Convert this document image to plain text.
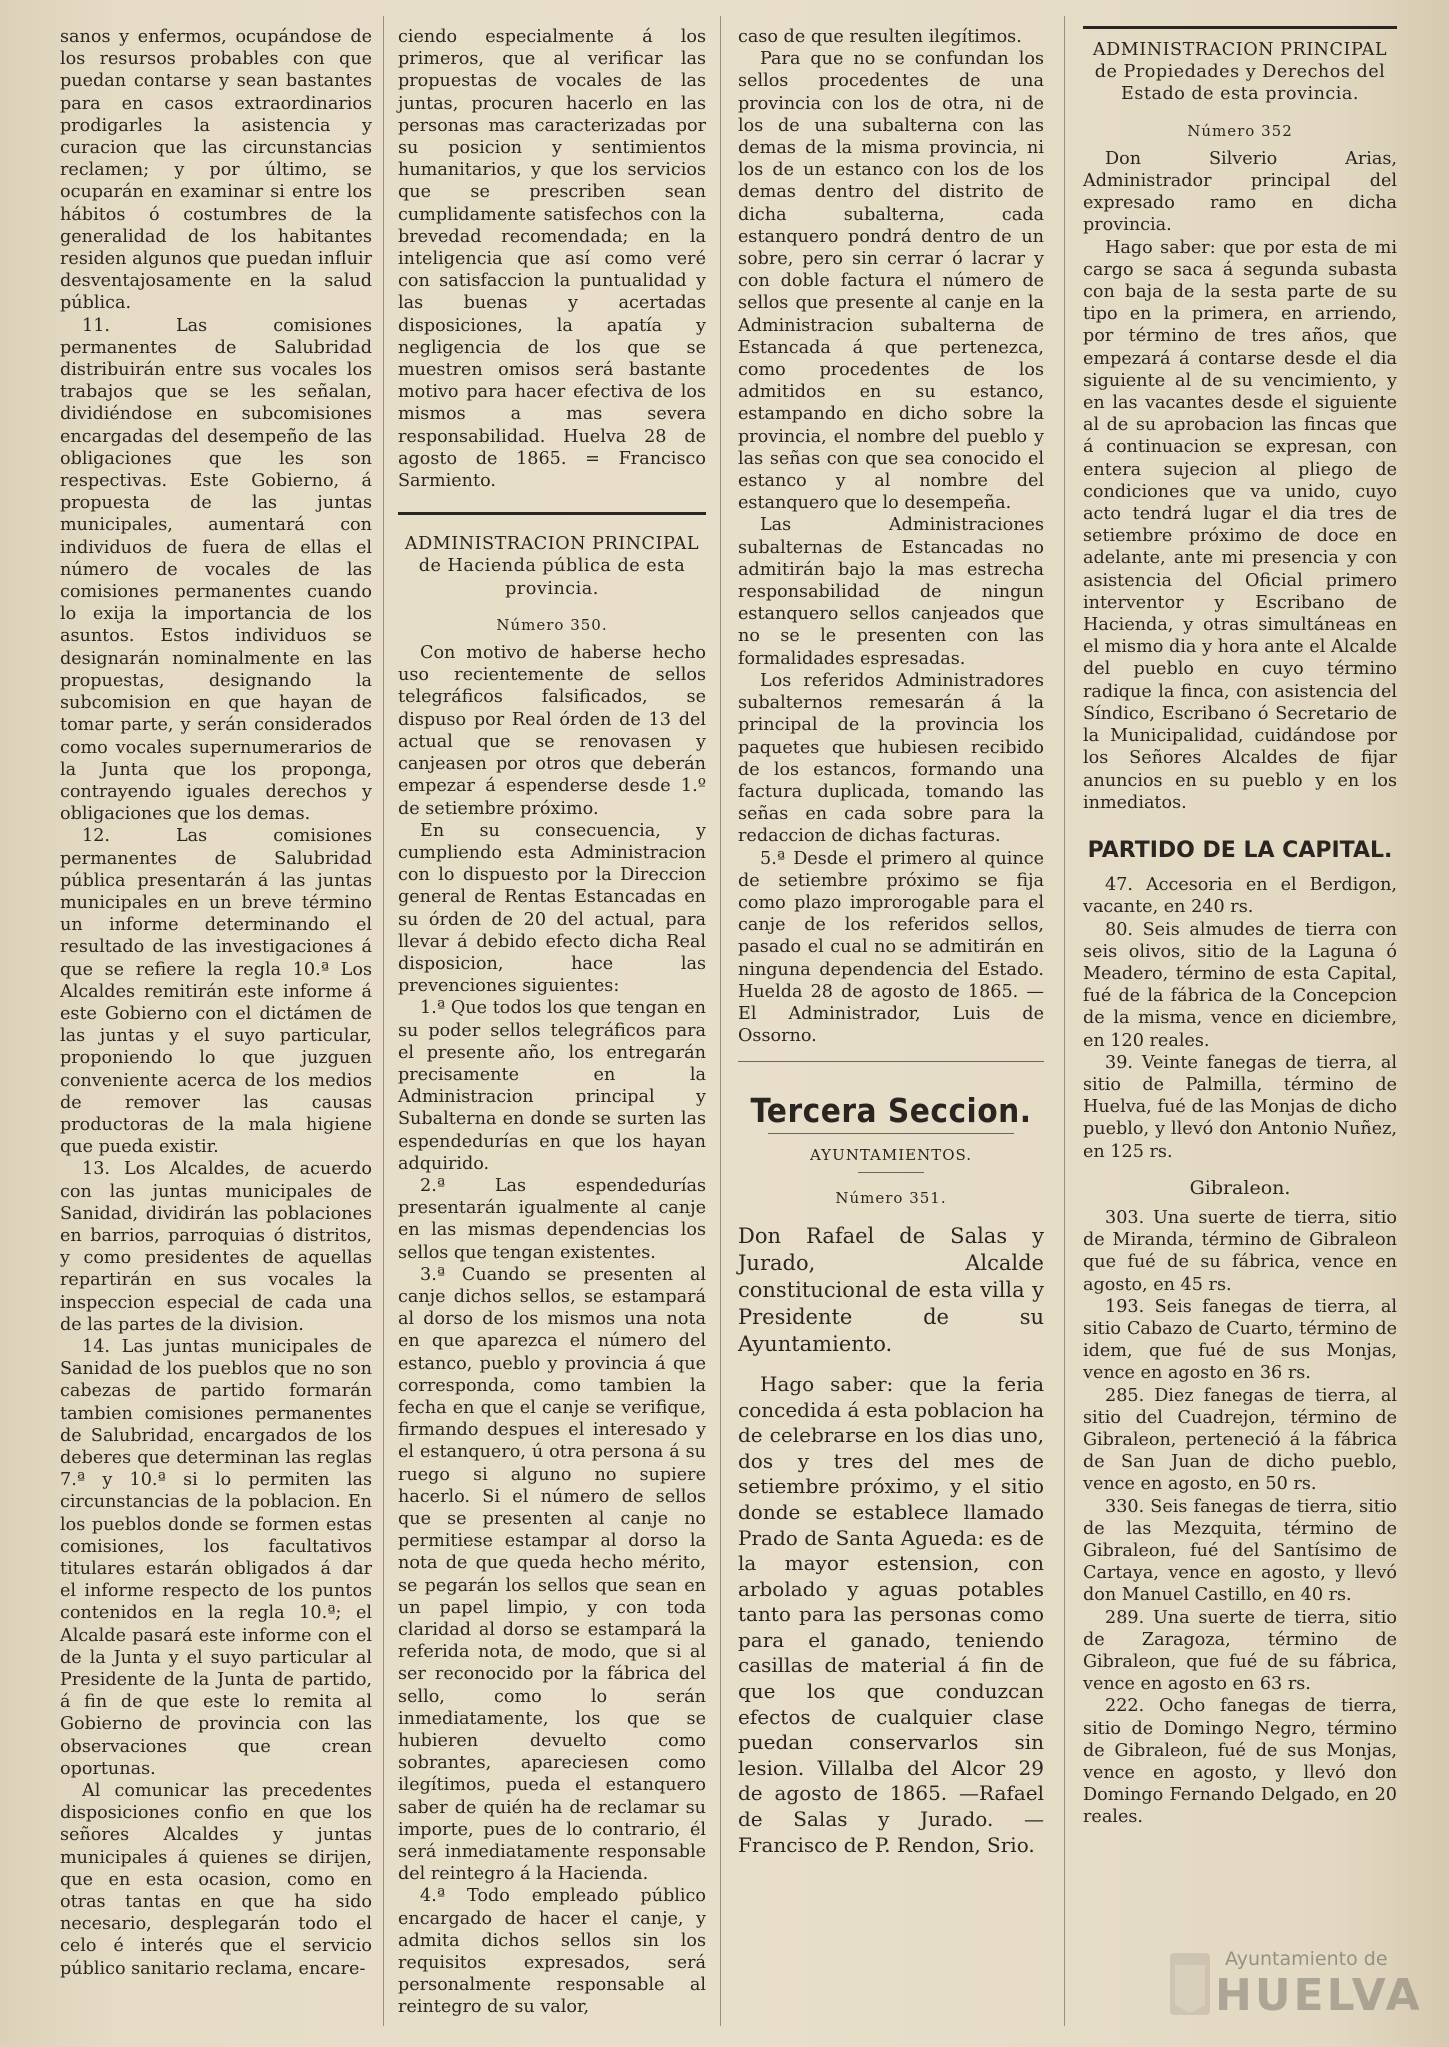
sanos y enfermos, ocupándose de los resursos probables con que puedan contarse y sean bastantes para en casos extraordinarios prodigarles la asistencia y curacion que las circunstancias reclamen; y por último, se ocuparán en examinar si entre los hábitos ó costumbres de la generalidad de los habitantes residen algunos que puedan influir desventajosamente en la salud pública.

11. Las comisiones permanentes de Salubridad distribuirán entre sus vocales los trabajos que se les señalan, dividiéndose en subcomisiones encargadas del desempeño de las obligaciones que les son respectivas. Este Gobierno, á propuesta de las juntas municipales, aumentará con individuos de fuera de ellas el número de vocales de las comisiones permanentes cuando lo exija la importancia de los asuntos. Estos individuos se designarán nominalmente en las propuestas, designando la subcomision en que hayan de tomar parte, y serán considerados como vocales supernumerarios de la Junta que los proponga, contrayendo iguales derechos y obligaciones que los demas.

12. Las comisiones permanentes de Salubridad pública presentarán á las juntas municipales en un breve término un informe determinando el resultado de las investigaciones á que se refiere la regla 10.ª Los Alcaldes remitirán este informe á este Gobierno con el dictámen de las juntas y el suyo particular, proponiendo lo que juzguen conveniente acerca de los medios de remover las causas productoras de la mala higiene que pueda existir.

13. Los Alcaldes, de acuerdo con las juntas municipales de Sanidad, dividirán las poblaciones en barrios, parroquias ó distritos, y como presidentes de aquellas repartirán en sus vocales la inspeccion especial de cada una de las partes de la division.

14. Las juntas municipales de Sanidad de los pueblos que no son cabezas de partido formarán tambien comisiones permanentes de Salubridad, encargados de los deberes que determinan las reglas 7.ª y 10.ª si lo permiten las circunstancias de la poblacion. En los pueblos donde se formen estas comisiones, los facultativos titulares estarán obligados á dar el informe respecto de los puntos contenidos en la regla 10.ª; el Alcalde pasará este informe con el de la Junta y el suyo particular al Presidente de la Junta de partido, á fin de que este lo remita al Gobierno de provincia con las observaciones que crean oportunas.

Al comunicar las precedentes disposiciones confio en que los señores Alcaldes y juntas municipales á quienes se dirijen, que en esta ocasion, como en otras tantas en que ha sido necesario, desplegarán todo el celo é interés que el servicio público sanitario reclama, encare-

ciendo especialmente á los primeros, que al verificar las propuestas de vocales de las juntas, procuren hacerlo en las personas mas caracterizadas por su posicion y sentimientos humanitarios, y que los servicios que se prescriben sean cumplidamente satisfechos con la brevedad recomendada; en la inteligencia que así como veré con satisfaccion la puntualidad y las buenas y acertadas disposiciones, la apatía y negligencia de los que se muestren omisos será bastante motivo para hacer efectiva de los mismos a mas severa responsabilidad. Huelva 28 de agosto de 1865. = Francisco Sarmiento.

ADMINISTRACION PRINCIPAL de Hacienda pública de esta provincia.

Número 350.

Con motivo de haberse hecho uso recientemente de sellos telegráficos falsificados, se dispuso por Real órden de 13 del actual que se renovasen y canjeasen por otros que deberán empezar á espenderse desde 1.º de setiembre próximo.

En su consecuencia, y cumpliendo esta Administracion con lo dispuesto por la Direccion general de Rentas Estancadas en su órden de 20 del actual, para llevar á debido efecto dicha Real disposicion, hace las prevenciones siguientes:

1.ª Que todos los que tengan en su poder sellos telegráficos para el presente año, los entregarán precisamente en la Administracion principal y Subalterna en donde se surten las espendedurías en que los hayan adquirido.

2.ª Las espendedurías presentarán igualmente al canje en las mismas dependencias los sellos que tengan existentes.

3.ª Cuando se presenten al canje dichos sellos, se estampará al dorso de los mismos una nota en que aparezca el número del estanco, pueblo y provincia á que corresponda, como tambien la fecha en que el canje se verifique, firmando despues el interesado y el estanquero, ú otra persona á su ruego si alguno no supiere hacerlo. Si el número de sellos que se presenten al canje no permitiese estampar al dorso la nota de que queda hecho mérito, se pegarán los sellos que sean en un papel limpio, y con toda claridad al dorso se estampará la referida nota, de modo, que si al ser reconocido por la fábrica del sello, como lo serán inmediatamente, los que se hubieren devuelto como sobrantes, apareciesen como ilegítimos, pueda el estanquero saber de quién ha de reclamar su importe, pues de lo contrario, él será inmediatamente responsable del reintegro á la Hacienda.

4.ª Todo empleado público encargado de hacer el canje, y admita dichos sellos sin los requisitos expresados, será personalmente responsable al reintegro de su valor,

caso de que resulten ilegítimos.

Para que no se confundan los sellos procedentes de una provincia con los de otra, ni de los de una subalterna con las demas de la misma provincia, ni los de un estanco con los de los demas dentro del distrito de dicha subalterna, cada estanquero pondrá dentro de un sobre, pero sin cerrar ó lacrar y con doble factura el número de sellos que presente al canje en la Administracion subalterna de Estancada á que pertenezca, como procedentes de los admitidos en su estanco, estampando en dicho sobre la provincia, el nombre del pueblo y las señas con que sea conocido el estanco y al nombre del estanquero que lo desempeña.

Las Administraciones subalternas de Estancadas no admitirán bajo la mas estrecha responsabilidad de ningun estanquero sellos canjeados que no se le presenten con las formalidades espresadas.

Los referidos Administradores subalternos remesarán á la principal de la provincia los paquetes que hubiesen recibido de los estancos, formando una factura duplicada, tomando las señas en cada sobre para la redaccion de dichas facturas.

5.ª Desde el primero al quince de setiembre próximo se fija como plazo improrogable para el canje de los referidos sellos, pasado el cual no se admitirán en ninguna dependencia del Estado. Huelda 28 de agosto de 1865. — El Administrador, Luis de Ossorno.

Tercera Seccion.

AYUNTAMIENTOS.

Número 351.

Don Rafael de Salas y Jurado, Alcalde constitucional de esta villa y Presidente de su Ayuntamiento.

Hago saber: que la feria concedida á esta poblacion ha de celebrarse en los dias uno, dos y tres del mes de setiembre próximo, y el sitio donde se establece llamado Prado de Santa Agueda: es de la mayor estension, con arbolado y aguas potables tanto para las personas como para el ganado, teniendo casillas de material á fin de que los que conduzcan efectos de cualquier clase puedan conservarlos sin lesion. Villalba del Alcor 29 de agosto de 1865. —Rafael de Salas y Jurado. —Francisco de P. Rendon, Srio.

ADMINISTRACION PRINCIPAL de Propiedades y Derechos del Estado de esta provincia.

Número 352

Don Silverio Arias, Administrador principal del expresado ramo en dicha provincia.

Hago saber: que por esta de mi cargo se saca á segunda subasta con baja de la sesta parte de su tipo en la primera, en arriendo, por término de tres años, que empezará á contarse desde el dia siguiente al de su vencimiento, y en las vacantes desde el siguiente al de su aprobacion las fincas que á continuacion se expresan, con entera sujecion al pliego de condiciones que va unido, cuyo acto tendrá lugar el dia tres de setiembre próximo de doce en adelante, ante mi presencia y con asistencia del Oficial primero interventor y Escribano de Hacienda, y otras simultáneas en el mismo dia y hora ante el Alcalde del pueblo en cuyo término radique la finca, con asistencia del Síndico, Escribano ó Secretario de la Municipalidad, cuidándose por los Señores Alcaldes de fijar anuncios en su pueblo y en los inmediatos.

PARTIDO DE LA CAPITAL.

47. Accesoria en el Berdigon, vacante, en 240 rs.

80. Seis almudes de tierra con seis olivos, sitio de la Laguna ó Meadero, término de esta Capital, fué de la fábrica de la Concepcion de la misma, vence en diciembre, en 120 reales.

39. Veinte fanegas de tierra, al sitio de Palmilla, término de Huelva, fué de las Monjas de dicho pueblo, y llevó don Antonio Nuñez, en 125 rs.

Gibraleon.

303. Una suerte de tierra, sitio de Miranda, término de Gibraleon que fué de su fábrica, vence en agosto, en 45 rs.

193. Seis fanegas de tierra, al sitio Cabazo de Cuarto, término de idem, que fué de sus Monjas, vence en agosto en 36 rs.

285. Diez fanegas de tierra, al sitio del Cuadrejon, término de Gibraleon, perteneció á la fábrica de San Juan de dicho pueblo, vence en agosto, en 50 rs.

330. Seis fanegas de tierra, sitio de las Mezquita, término de Gibraleon, fué del Santísimo de Cartaya, vence en agosto, y llevó don Manuel Castillo, en 40 rs.

289. Una suerte de tierra, sitio de Zaragoza, término de Gibraleon, que fué de su fábrica, vence en agosto en 63 rs.

222. Ocho fanegas de tierra, sitio de Domingo Negro, término de Gibraleon, fué de sus Monjas, vence en agosto, y llevó don Domingo Fernando Delgado, en 20 reales.

Ayuntamiento de
HUELVA
